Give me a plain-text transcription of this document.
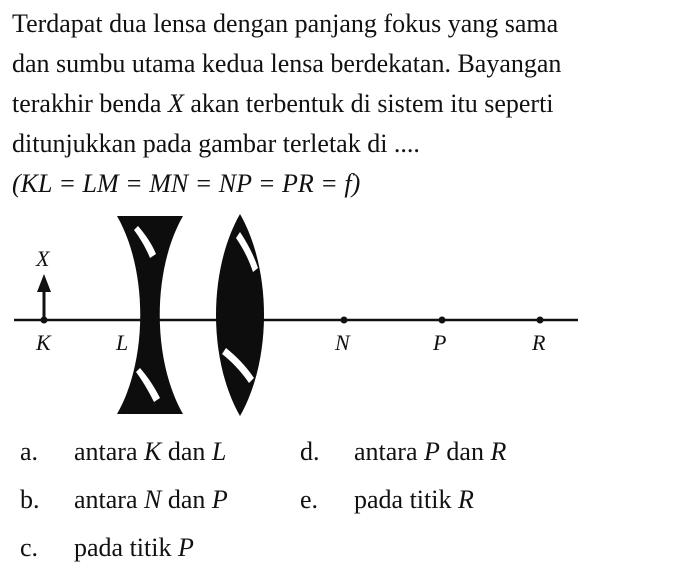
Terdapat dua lensa dengan panjang fokus yang sama
dan sumbu utama kedua lensa berdekatan. Bayangan
terakhir benda X akan terbentuk di sistem itu seperti
ditunjukkan pada gambar terletak di ....
(KL = LM = MN = NP = PR = f)
X
K	L	N	P	R
a.	antara K dan L	d.	antara P dan R
b.	antara N dan P	e.	pada titik R
c.	pada titik P
